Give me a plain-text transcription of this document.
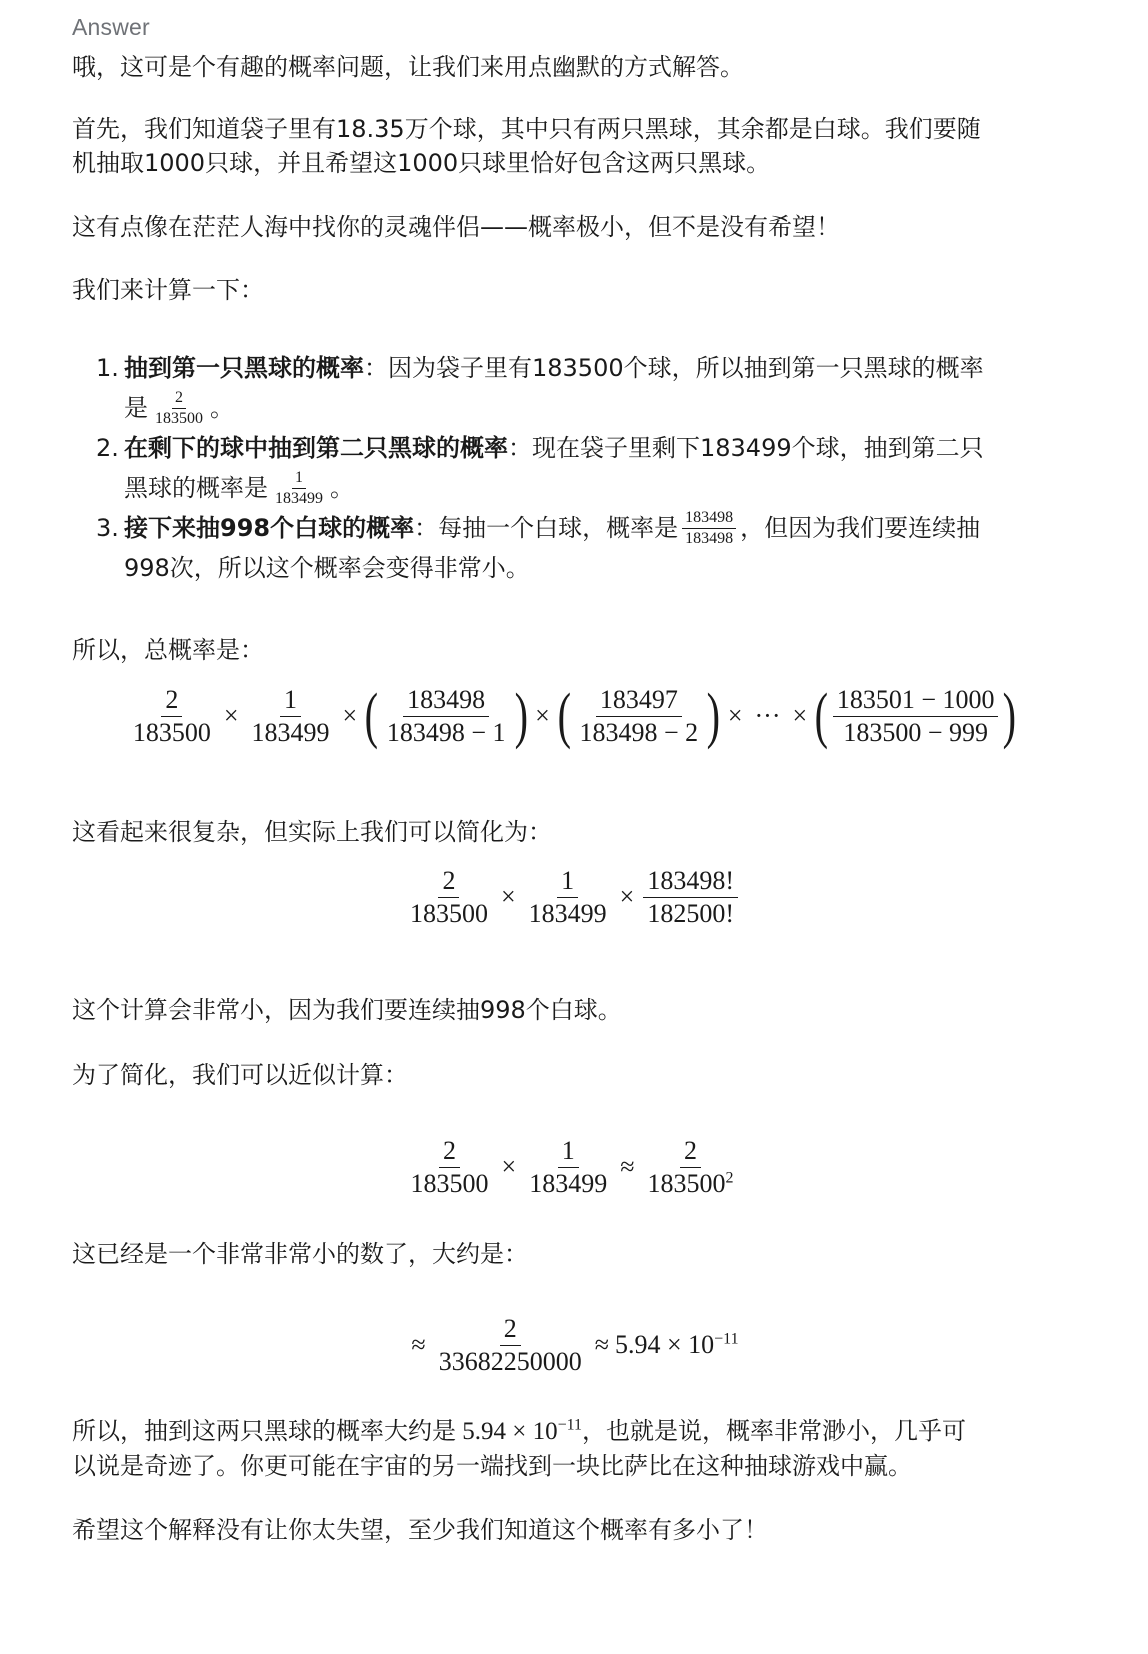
Answer
哦，这可是个有趣的概率问题，让我们来用点幽默的方式解答。
首先，我们知道袋子里有18.35万个球，其中只有两只黑球，其余都是白球。我们要随
机抽取1000只球，并且希望这1000只球里恰好包含这两只黑球。
这有点像在茫茫人海中找你的灵魂伴侣——概率极小，但不是没有希望！
我们来计算一下：
1. 抽到第一只黑球的概率：因为袋子里有183500个球，所以抽到第一只黑球的概率
是 $\frac{2}{183500}$ 。
2. 在剩下的球中抽到第二只黑球的概率：现在袋子里剩下183499个球，抽到第二只
黑球的概率是 $\frac{1}{183499}$ 。
3. 接下来抽998个白球的概率：每抽一个白球，概率是 $\frac{183498}{183498}$ ，但因为我们要连续抽
998次，所以这个概率会变得非常小。
所以，总概率是：
$\frac{2}{183500} \times \frac{1}{183499}$ × ( $\frac{183498}{183498 - 1}$ ) × ( $\frac{183497}{183498 - 2}$ ) × ··· × ( $\frac{183501 - 1000}{183500 - 999}$ )
这看起来很复杂，但实际上我们可以简化为：
$\frac{2}{183500} \times \frac{1}{183499} \times \frac{183498!}{182500!}$
这个计算会非常小，因为我们要连续抽998个白球。
为了简化，我们可以近似计算：
$\frac{2}{183500} \times \frac{1}{183499} \approx \frac{2}{183500^2}$
这已经是一个非常非常小的数了，大约是：
≈ $\frac{2}{33682250000} \approx 5.94 \times 10^{-11}$
所以，抽到这两只黑球的概率大约是 $5.94 \times 10^{-11}$，也就是说，概率非常渺小，几乎可
以说是奇迹了。你更可能在宇宙的另一端找到一块比萨比在这种抽球游戏中赢。
希望这个解释没有让你太失望，至少我们知道这个概率有多小了！
